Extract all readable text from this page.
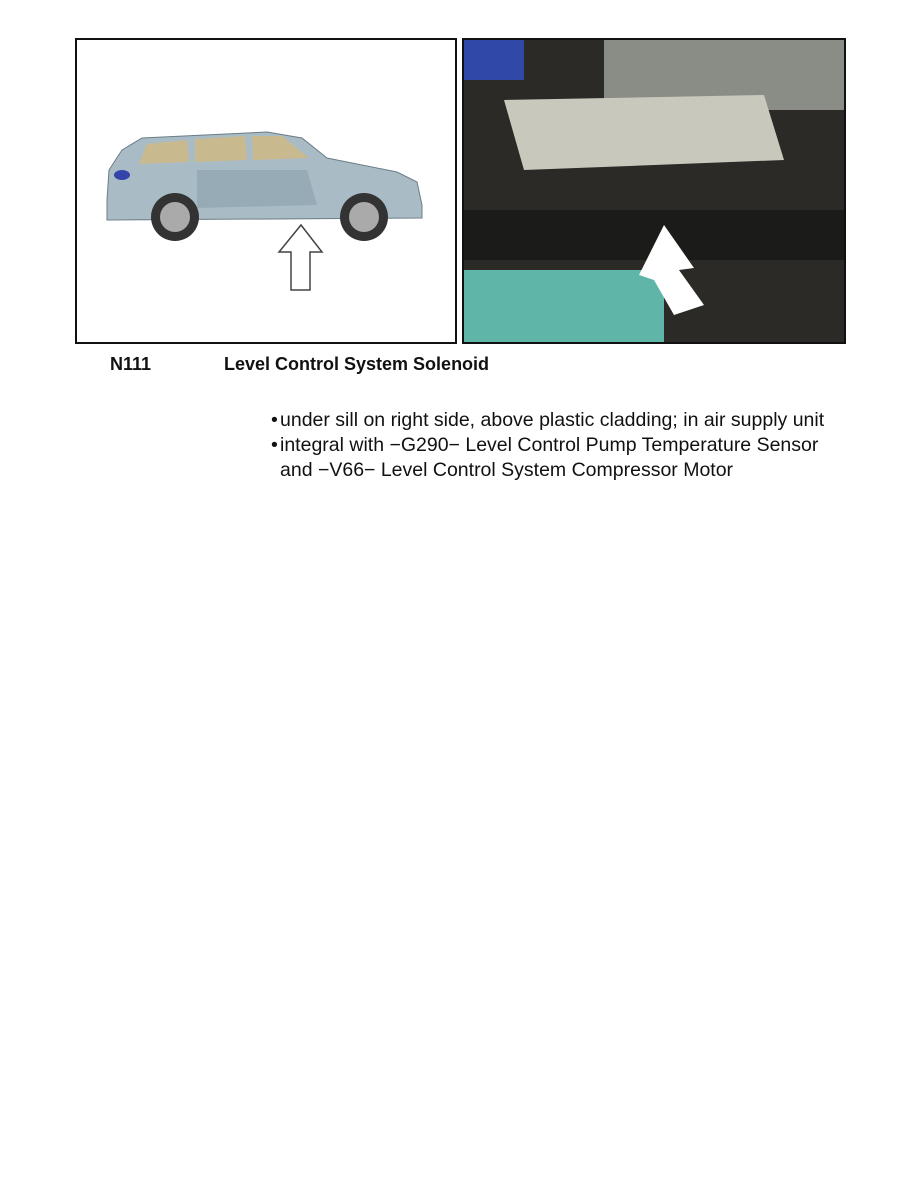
N111	Level Control System Solenoid
• under sill on right side, above plastic cladding; in air supply unit
• integral with −G290− Level Control Pump Temperature Sensor and −V66− Level Control System Compressor Motor
